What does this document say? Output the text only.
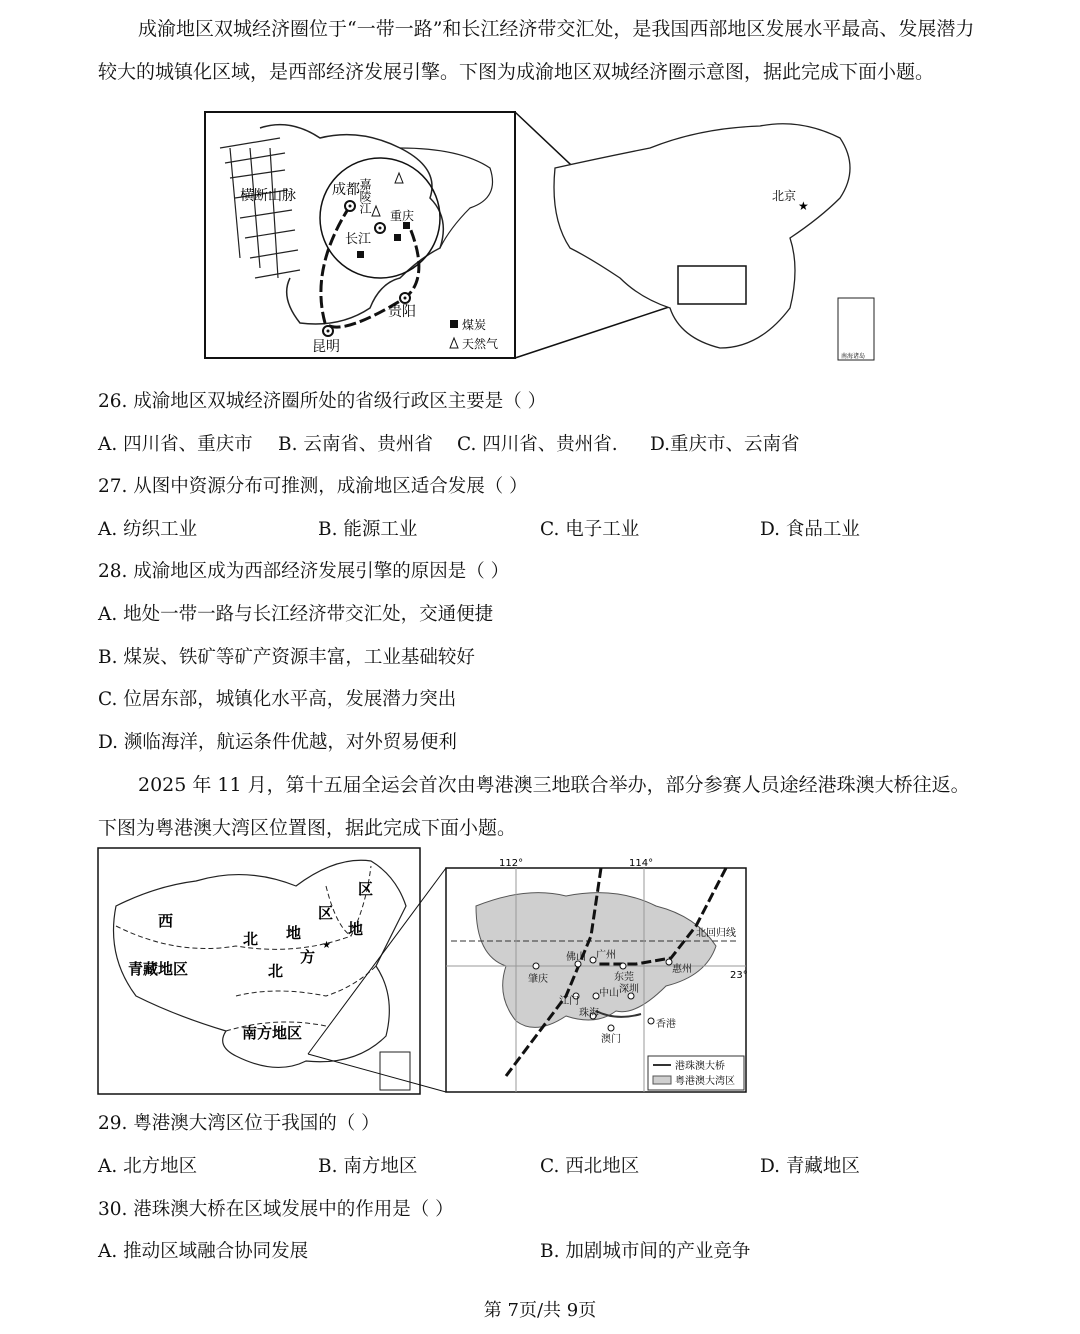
成渝地区双城经济圈位于“一带一路”和长江经济带交汇处，是我国西部地区发展水平最高、发展潜力较大的城镇化区域，是西部经济发展引擎。下图为成渝地区双城经济圈示意图，据此完成下面小题。
成都
嘉陵江
重庆
长江
横断山脉
贵阳
昆明
煤炭
天然气
北京
★
南海诸岛
26. 成渝地区双城经济圈所处的省级行政区主要是（ ）
A. 四川省、重庆市 B. 云南省、贵州省 C. 四川省、贵州省. D.重庆市、云南省
27. 从图中资源分布可推测，成渝地区适合发展（ ）
A. 纺织工业	B. 能源工业	C. 电子工业	D. 食品工业
28. 成渝地区成为西部经济发展引擎的原因是（ ）
A. 地处一带一路与长江经济带交汇处，交通便捷
B. 煤炭、铁矿等矿产资源丰富，工业基础较好
C. 位居东部，城镇化水平高，发展潜力突出
D. 濒临海洋，航运条件优越，对外贸易便利
2025 年 11 月，第十五届全运会首次由粤港澳三地联合举办，部分参赛人员途经港珠澳大桥往返。下图为粤港澳大湾区位置图，据此完成下面小题。
西
北 地
区
区
地
青藏地区	北
方
南方地区
★
112°	114°
23°
北回归线
肇庆
佛山 广州
东莞
惠州
江门
中山 深圳
珠海
香港
澳门
港珠澳大桥
粤港澳大湾区
29. 粤港澳大湾区位于我国的（ ）
A. 北方地区	B. 南方地区	C. 西北地区	D. 青藏地区
30. 港珠澳大桥在区域发展中的作用是（ ）
A. 推动区域融合协同发展	B. 加剧城市间的产业竞争
第 7页/共 9页
